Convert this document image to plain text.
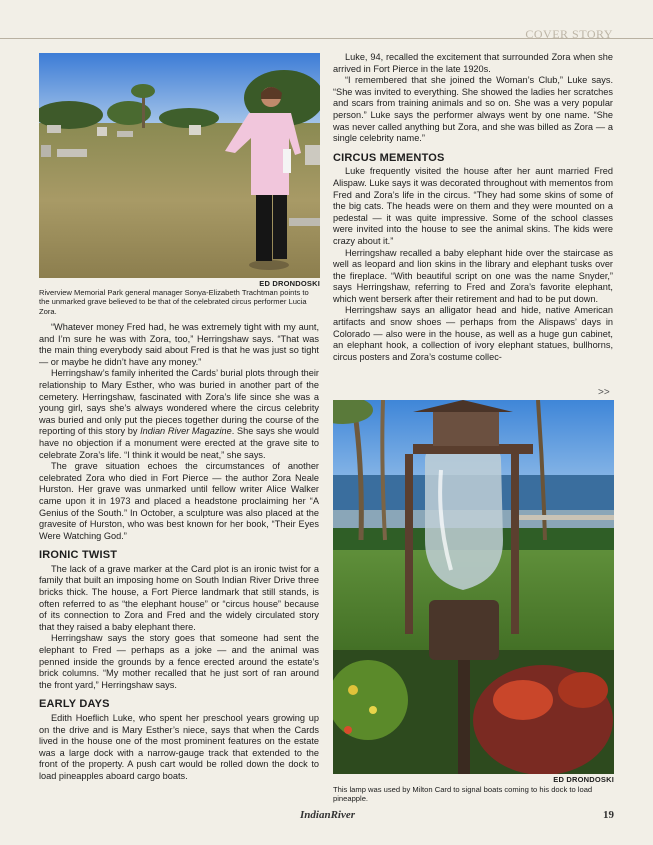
COVER STORY
ED DRONDOSKI
Riverview Memorial Park general manager Sonya-Elizabeth Trachtman points to the unmarked grave believed to be that of the celebrated circus performer Lucia Zora.

“Whatever money Fred had, he was extremely tight with my aunt, and I’m sure he was with Zora, too,” Herringshaw says. “That was the main thing everybody said about Fred is that he was just so tight — or maybe he didn’t have any money.”

Herringshaw’s family inherited the Cards’ burial plots through their relationship to Mary Esther, who was buried in another part of the cemetery. Herringshaw, fascinated with Zora’s life since she was a young girl, says she’s always wondered where the circus celebrity was buried and only put the pieces together during the course of the reporting of this story by Indian River Magazine. She says she would have no objection if a monument were erected at the grave site to celebrate Zora’s life. “I think it would be neat,” she says.

The grave situation echoes the circumstances of another celebrated Zora who died in Fort Pierce — the author Zora Neale Hurston. Her grave was unmarked until fellow writer Alice Walker came upon it in 1973 and placed a headstone proclaiming her “A Genius of the South.” In October, a sculpture was also placed at the gravesite of Hurston, who was best known for her book, “Their Eyes Were Watching God.”

IRONIC TWIST

The lack of a grave marker at the Card plot is an ironic twist for a family that built an imposing home on South Indian River Drive three bricks thick. The house, a Fort Pierce landmark that still stands, is often referred to as “the elephant house” or “circus house” because of its connection to Zora and Fred and the widely circulated story that they raised a baby elephant there.

Herringshaw says the story goes that someone had sent the elephant to Fred — perhaps as a joke — and the animal was penned inside the grounds by a fence erected around the estate’s brick columns. “My mother recalled that he just sort of ran around the front yard,” Herringshaw says.

EARLY DAYS

Edith Hoeflich Luke, who spent her preschool years growing up on the drive and is Mary Esther’s niece, says that when the Cards lived in the house one of the most prominent features on the estate was a large dock with a narrow-gauge track that extended to the front of the property. A push cart would be rolled down the dock to load pineapples aboard cargo boats.

Luke, 94, recalled the excitement that surrounded Zora when she arrived in Fort Pierce in the late 1920s.

“I remembered that she joined the Woman’s Club,” Luke says. “She was invited to everything. She showed the ladies her scratches and scars from training animals and so on. She was a very popular person.” Luke says the performer always went by one name. “She was never called anything but Zora, and she was billed as Zora — a single celebrity name.”

CIRCUS MEMENTOS

Luke frequently visited the house after her aunt married Fred Alispaw. Luke says it was decorated throughout with mementos from Fred and Zora’s life in the circus. “They had some skins of some of the big cats. The heads were on them and they were mounted on a pedestal — it was quite impressive. Some of the school classes were invited into the house to see the animal skins. The kids were crazy about it.”

Herringshaw recalled a baby elephant hide over the staircase as well as leopard and lion skins in the library and elephant tusks over the fireplace. “With beautiful script on one was the name Snyder,” says Herringshaw, referring to Fred and Zora’s favorite elephant, which went berserk after their retirement and had to be put down.

Herringshaw says an alligator head and hide, native American artifacts and snow shoes — perhaps from the Alispaws’ days in Colorado — also were in the house, as well as a huge gun cabinet, an elephant hook, a collection of ivory elephant statues, bullhorns, circus posters and Zora’s costume collec-

>>
ED DRONDOSKI
This lamp was used by Milton Card to signal boats coming to his dock to load pineapple.
IndianRiver	19
